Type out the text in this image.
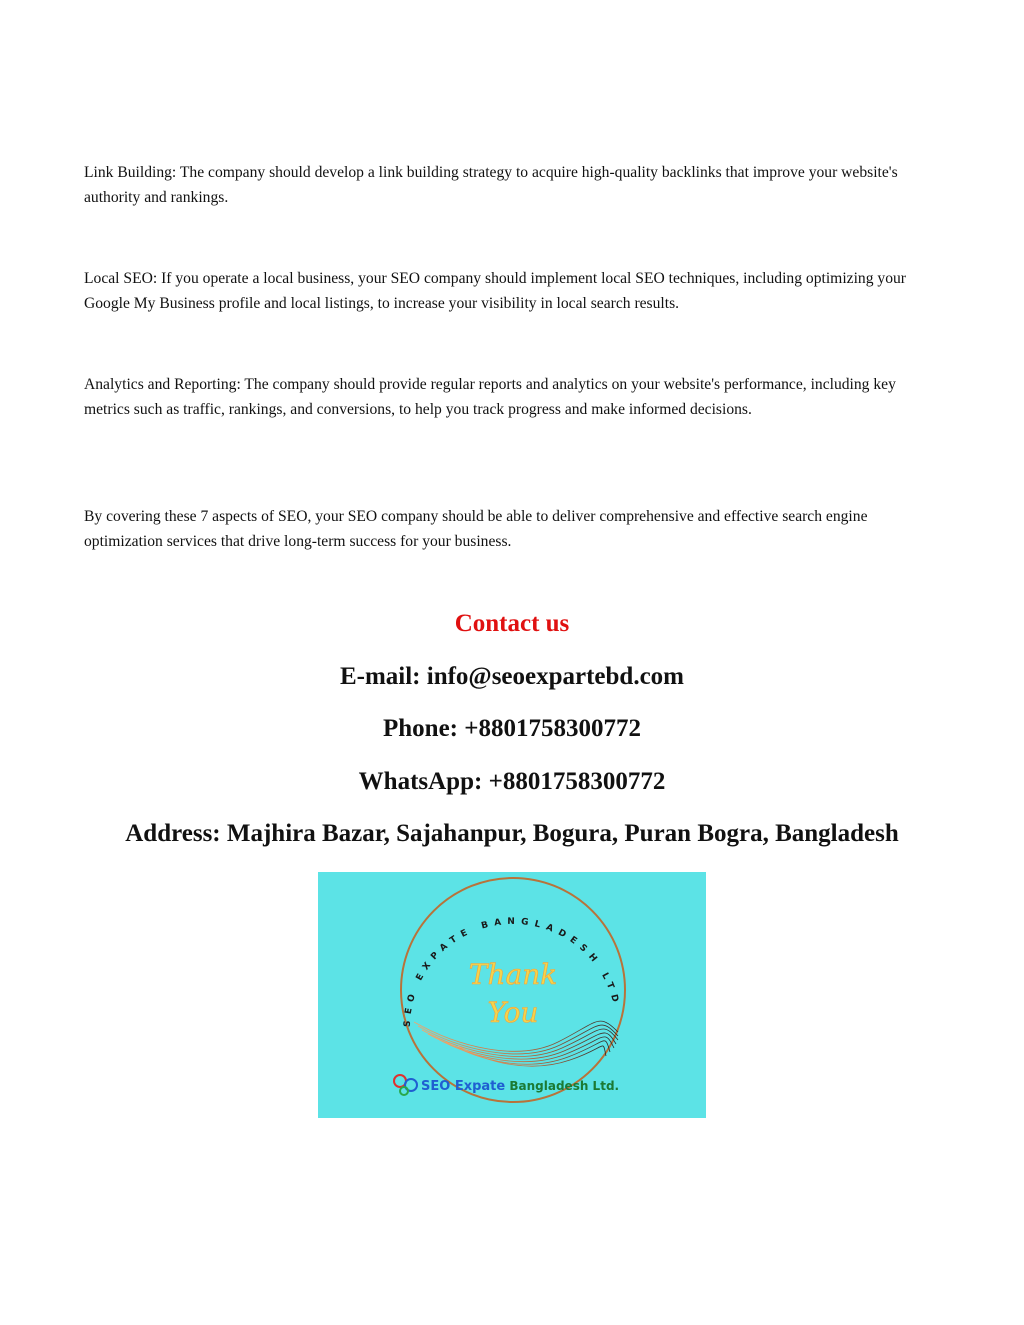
Link Building: The company should develop a link building strategy to acquire high-quality backlinks that improve your website's authority and rankings.

Local SEO: If you operate a local business, your SEO company should implement local SEO techniques, including optimizing your Google My Business profile and local listings, to increase your visibility in local search results.

Analytics and Reporting: The company should provide regular reports and analytics on your website's performance, including key metrics such as traffic, rankings, and conversions, to help you track progress and make informed decisions.

By covering these 7 aspects of SEO, your SEO company should be able to deliver comprehensive and effective search engine optimization services that drive long-term success for your business.

Contact us

E-mail: info@seoexpartebd.com

Phone: +8801758300772

WhatsApp: +8801758300772

Address: Majhira Bazar, Sajahanpur, Bogura, Puran Bogra, Bangladesh

SEO EXPATE BANGLADESH LTD
Thank
You
SEO Expate Bangladesh Ltd.
